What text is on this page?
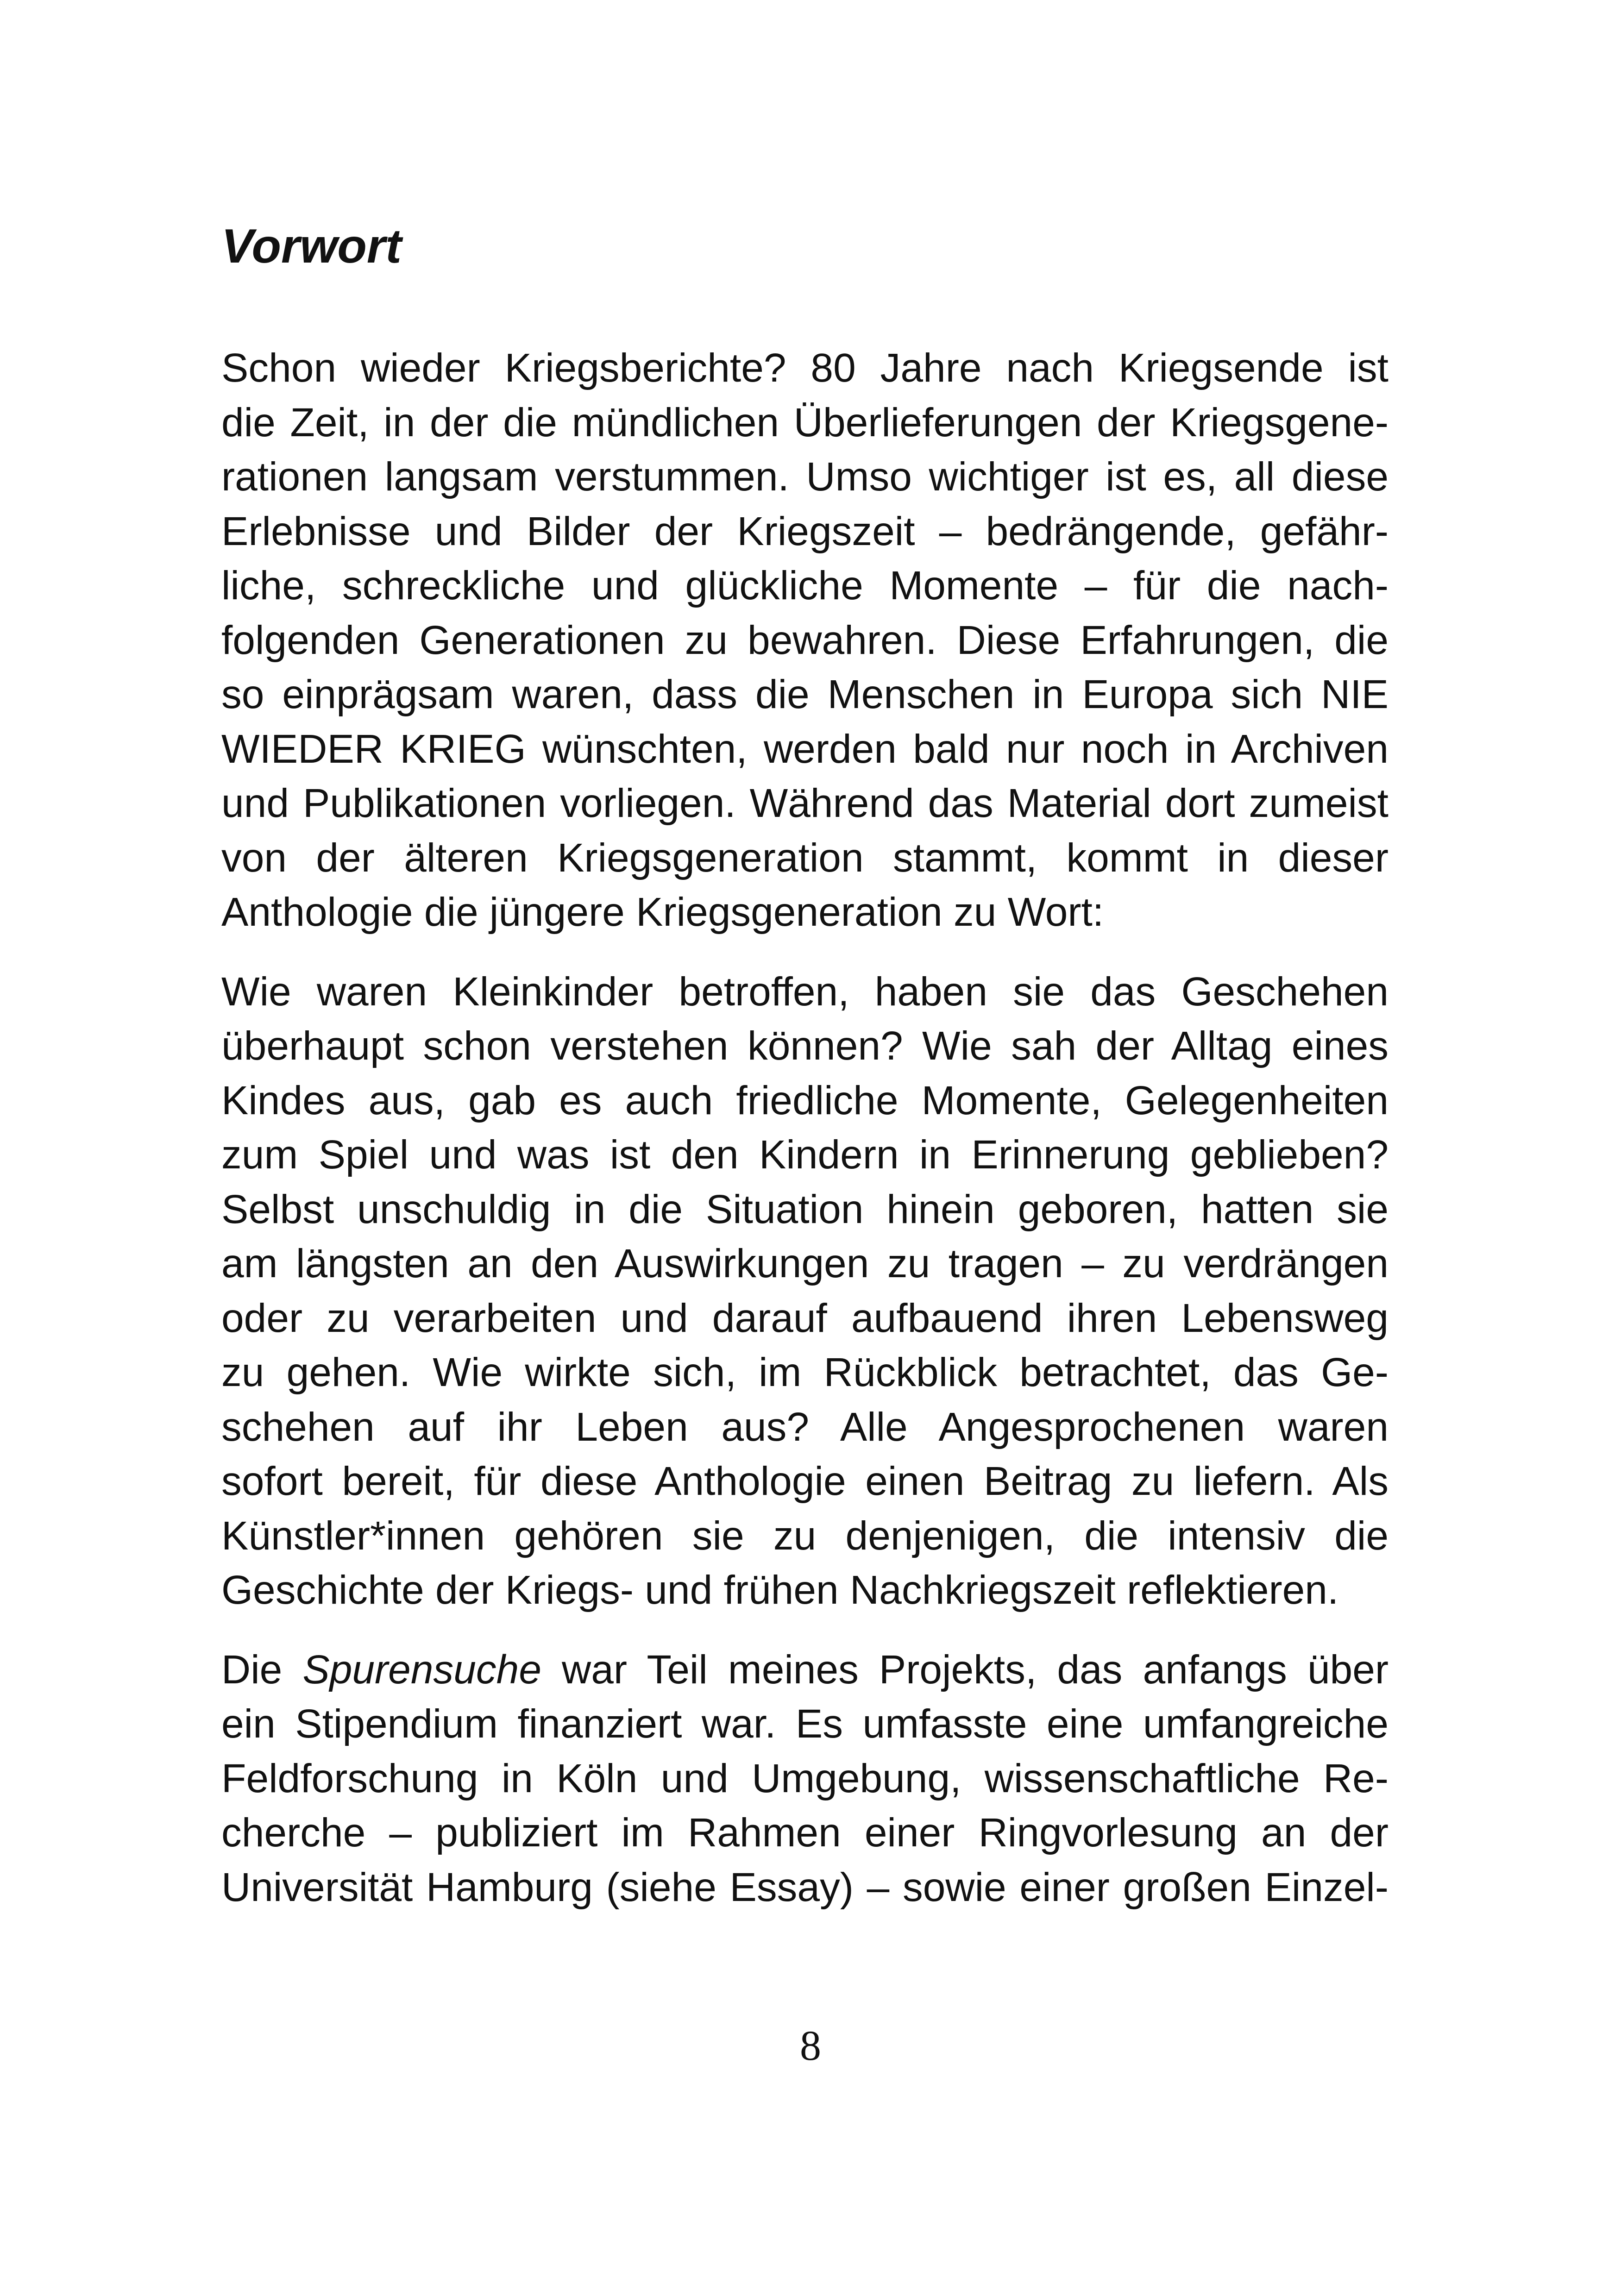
Vorwort

Schon wieder Kriegsberichte? 80 Jahre nach Kriegsende ist
die Zeit, in der die mündlichen Überlieferungen der Kriegsgene-
rationen langsam verstummen. Umso wichtiger ist es, all diese
Erlebnisse und Bilder der Kriegszeit – bedrängende, gefähr-
liche, schreckliche und glückliche Momente – für die nach-
folgenden Generationen zu bewahren. Diese Erfahrungen, die
so einprägsam waren, dass die Menschen in Europa sich NIE
WIEDER KRIEG wünschten, werden bald nur noch in Archiven
und Publikationen vorliegen. Während das Material dort zumeist
von der älteren Kriegsgeneration stammt, kommt in dieser
Anthologie die jüngere Kriegsgeneration zu Wort:

Wie waren Kleinkinder betroffen, haben sie das Geschehen
überhaupt schon verstehen können? Wie sah der Alltag eines
Kindes aus, gab es auch friedliche Momente, Gelegenheiten
zum Spiel und was ist den Kindern in Erinnerung geblieben?
Selbst unschuldig in die Situation hinein geboren, hatten sie
am längsten an den Auswirkungen zu tragen – zu verdrängen
oder zu verarbeiten und darauf aufbauend ihren Lebensweg
zu gehen. Wie wirkte sich, im Rückblick betrachtet, das Ge-
schehen auf ihr Leben aus? Alle Angesprochenen waren
sofort bereit, für diese Anthologie einen Beitrag zu liefern. Als
Künstler*innen gehören sie zu denjenigen, die intensiv die
Geschichte der Kriegs- und frühen Nachkriegszeit reflektieren.

Die Spurensuche war Teil meines Projekts, das anfangs über
ein Stipendium finanziert war. Es umfasste eine umfangreiche
Feldforschung in Köln und Umgebung, wissenschaftliche Re-
cherche – publiziert im Rahmen einer Ringvorlesung an der
Universität Hamburg (siehe Essay) – sowie einer großen Einzel-

8
